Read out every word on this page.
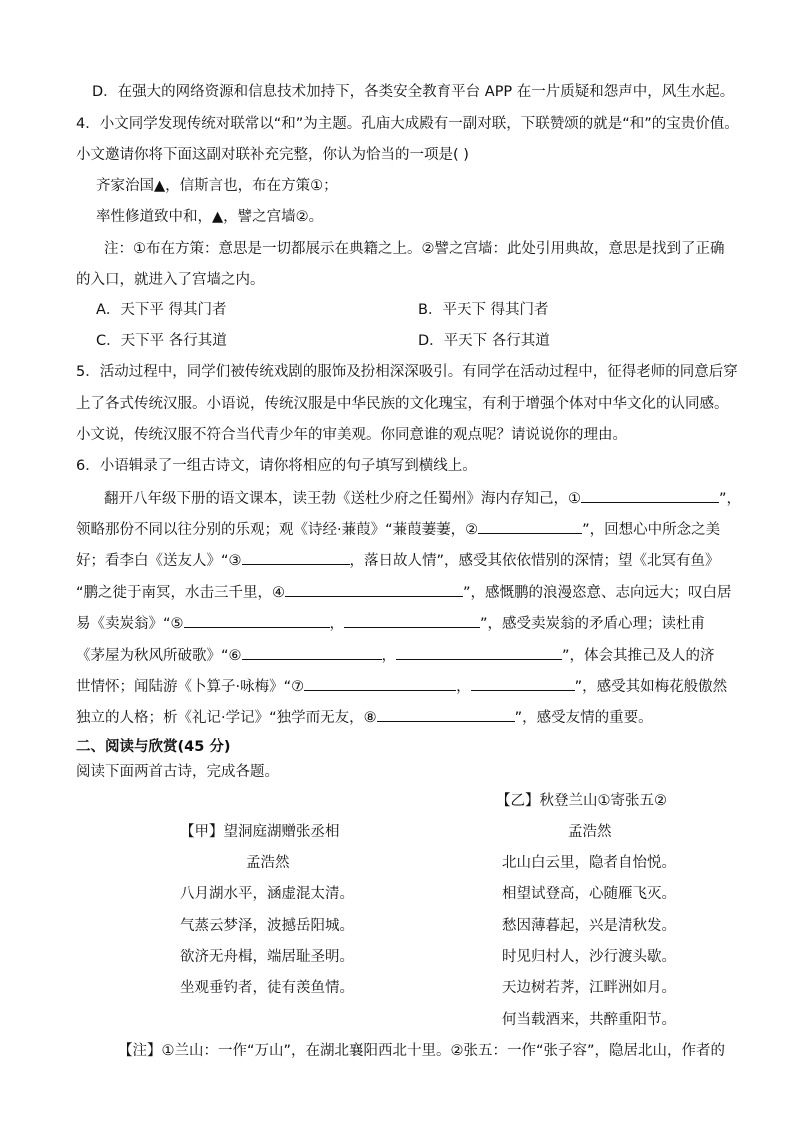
D．在强大的网络资源和信息技术加持下，各类安全教育平台 APP 在一片质疑和怨声中，风生水起。
4．小文同学发现传统对联常以“和”为主题。孔庙大成殿有一副对联，下联赞颂的就是“和”的宝贵价值。
小文邀请你将下面这副对联补充完整，你认为恰当的一项是( )
齐家治国▲，信斯言也，布在方策①；
率性修道致中和，▲，譬之宫墙②。
注：①布在方策：意思是一切都展示在典籍之上。②譬之宫墙：此处引用典故，意思是找到了正确
的入口，就进入了宫墙之内。
A．天下平 得其门者	B．平天下 得其门者
C．天下平 各行其道	D．平天下 各行其道
5．活动过程中，同学们被传统戏剧的服饰及扮相深深吸引。有同学在活动过程中，征得老师的同意后穿
上了各式传统汉服。小语说，传统汉服是中华民族的文化瑰宝，有利于增强个体对中华文化的认同感。
小文说，传统汉服不符合当代青少年的审美观。你同意谁的观点呢？请说说你的理由。
6．小语辑录了一组古诗文，请你将相应的句子填写到横线上。
翻开八年级下册的语文课本，读王勃《送杜少府之任蜀州》海内存知己，①	”，
领略那份不同以往分别的乐观；观《诗经·蒹葭》“蒹葭萋萋，②	”，回想心中所念之美
好；看李白《送友人》“③	，落日故人情”，感受其依依惜别的深情；望《北冥有鱼》
“鹏之徙于南冥，水击三千里，④	”，感慨鹏的浪漫恣意、志向远大；叹白居
易《卖炭翁》“⑤	，	”，感受卖炭翁的矛盾心理；读杜甫
《茅屋为秋风所破歌》“⑥	，	”，体会其推己及人的济
世情怀；闻陆游《卜算子·咏梅》“⑦	，	”，感受其如梅花般傲然
独立的人格；析《礼记·学记》“独学而无友，⑧	”，感受友情的重要。
二、阅读与欣赏(45 分)
阅读下面两首古诗，完成各题。
【甲】望洞庭湖赠张丞相
孟浩然
八月湖水平，涵虚混太清。
气蒸云梦泽，波撼岳阳城。
欲济无舟楫，端居耻圣明。
坐观垂钓者，徒有羡鱼情。
【乙】秋登兰山①寄张五②
孟浩然
北山白云里，隐者自怡悦。
相望试登高，心随雁飞灭。
愁因薄暮起，兴是清秋发。
时见归村人，沙行渡头歇。
天边树若荠，江畔洲如月。
何当载酒来，共醉重阳节。
【注】①兰山：一作“万山”，在湖北襄阳西北十里。②张五：一作“张子容”，隐居北山，作者的
